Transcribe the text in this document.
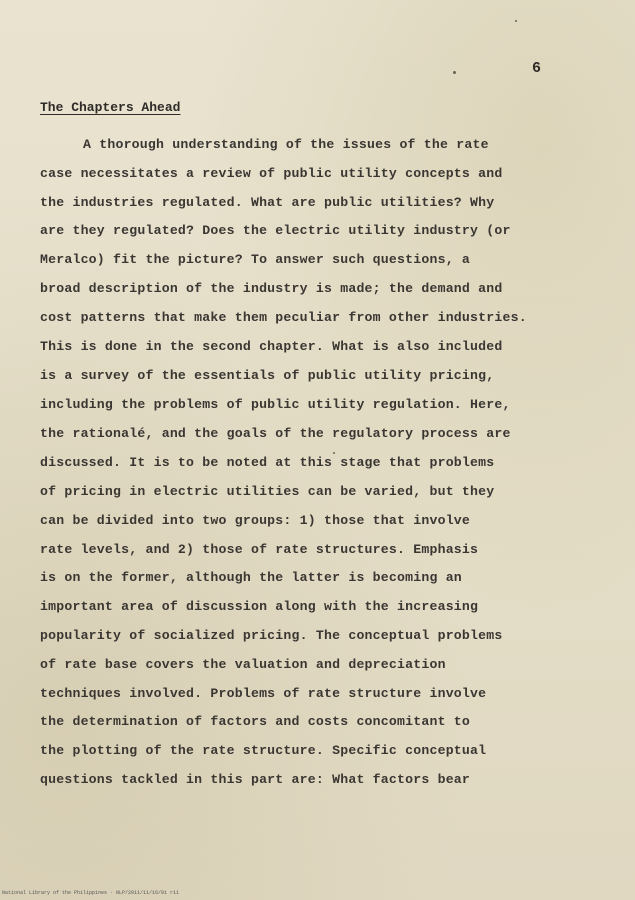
6
The Chapters Ahead
A thorough understanding of the issues of the rate
case necessitates a review of public utility concepts and
the industries regulated. What are public utilities? Why
are they regulated? Does the electric utility industry (or
Meralco) fit the picture? To answer such questions, a
broad description of the industry is made; the demand and
cost patterns that make them peculiar from other industries.
This is done in the second chapter. What is also included
is a survey of the essentials of public utility pricing,
including the problems of public utility regulation. Here,
the rationalé, and the goals of the regulatory process are
discussed. It is to be noted at this stage that problems
of pricing in electric utilities can be varied, but they
can be divided into two groups: 1) those that involve
rate levels, and 2) those of rate structures. Emphasis
is on the former, although the latter is becoming an
important area of discussion along with the increasing
popularity of socialized pricing. The conceptual problems
of rate base covers the valuation and depreciation
techniques involved. Problems of rate structure involve
the determination of factors and costs concomitant to
the plotting of the rate structure. Specific conceptual
questions tackled in this part are: What factors bear
National Library of the Philippines · NLP/2011/11/16/01 r11
